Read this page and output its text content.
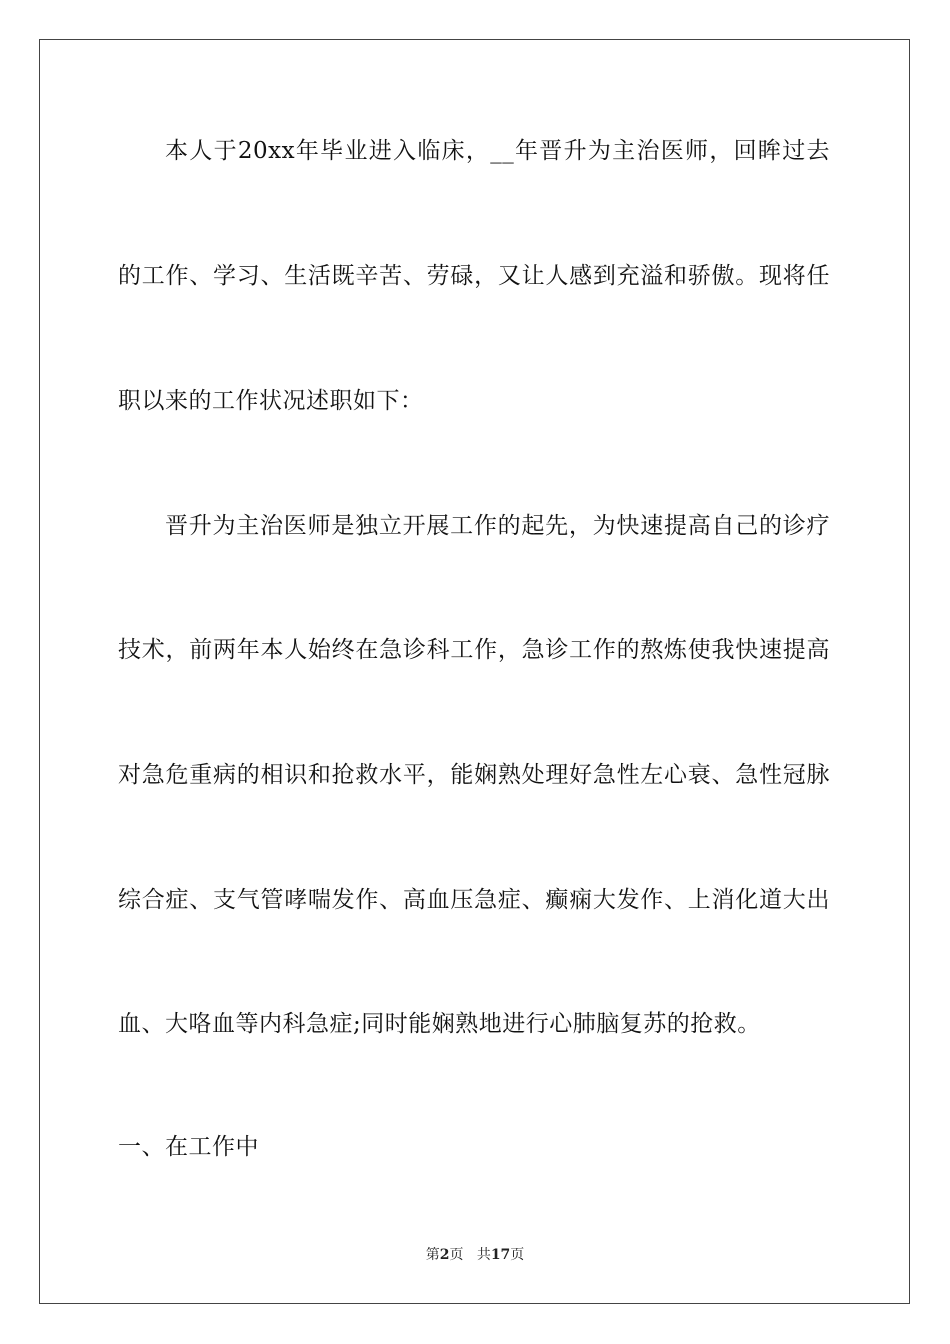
本人于20xx年毕业进入临床，__年晋升为主治医师，回眸过去
的工作、学习、生活既辛苦、劳碌，又让人感到充溢和骄傲。现将任
职以来的工作状况述职如下：
晋升为主治医师是独立开展工作的起先，为快速提高自己的诊疗
技术，前两年本人始终在急诊科工作，急诊工作的熬炼使我快速提高
对急危重病的相识和抢救水平，能娴熟处理好急性左心衰、急性冠脉
综合症、支气管哮喘发作、高血压急症、癫痫大发作、上消化道大出
血、大咯血等内科急症;同时能娴熟地进行心肺脑复苏的抢救。
一、在工作中
第2页 共17页
